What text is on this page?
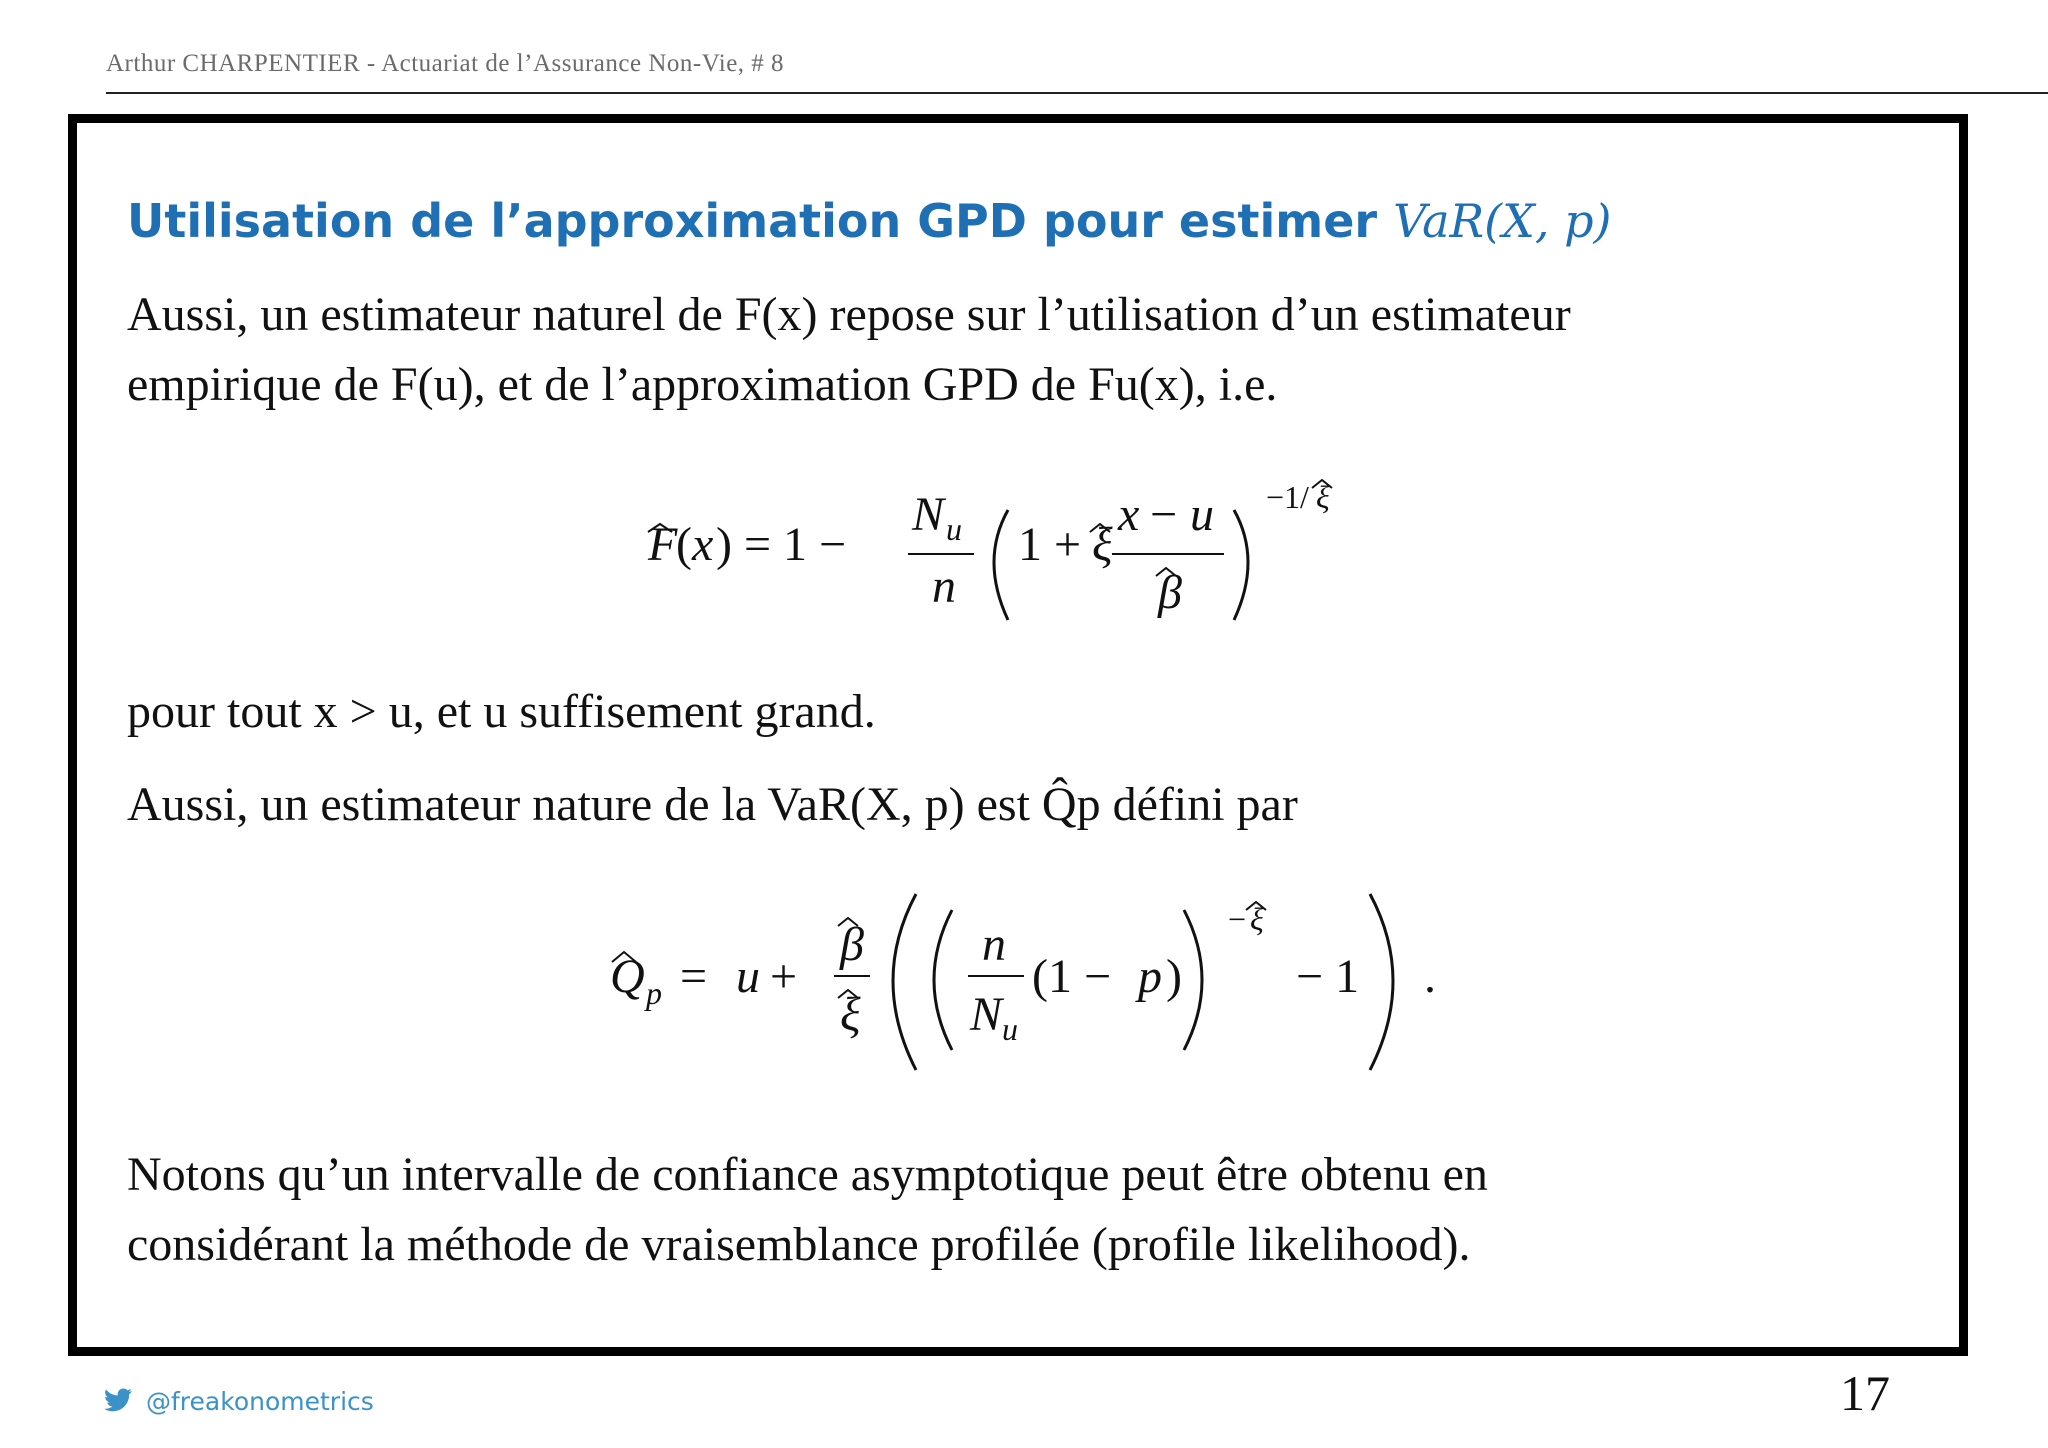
Arthur CHARPENTIER - Actuariat de l’Assurance Non-Vie, # 8
Utilisation de l’approximation GPD pour estimer VaR(X, p)
Aussi, un estimateur naturel de F(x) repose sur l’utilisation d’un estimateur
empirique de F(u), et de l’approximation GPD de Fu(x), i.e.
F
( x ) = 1 −
N u
n
1 + ξ
x − u
β
−1/ ξ
pour tout x > u, et u suffisement grand.
Aussi, un estimateur nature de la VaR(X, p) est Q̂p défini par
Q p = u +
β
ξ
n
N u
(1 − p )
− ξ
− 1 .
Notons qu’un intervalle de confiance asymptotique peut être obtenu en
considérant la méthode de vraisemblance profilée (profile likelihood).
@freakonometrics	17
